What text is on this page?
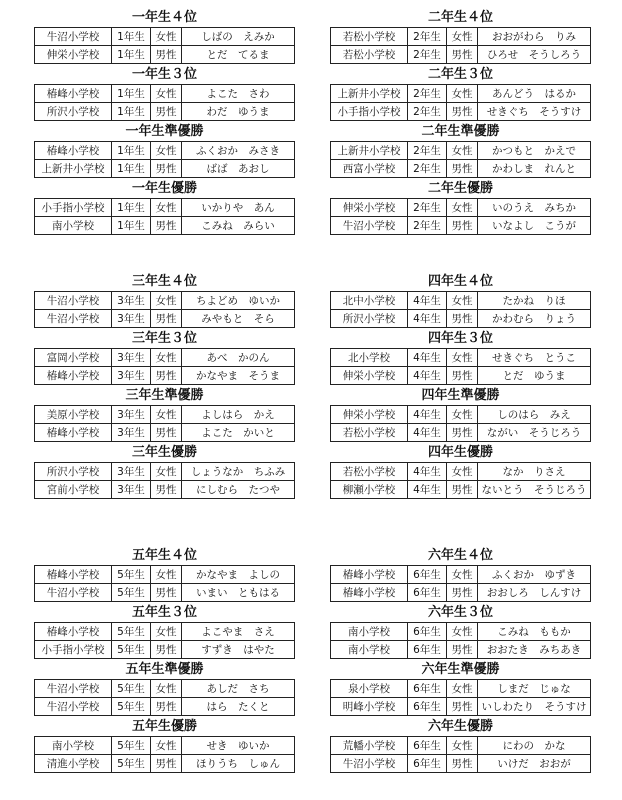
一年生４位
牛沼小学校	1年生	女性	しばの　えみか
伸栄小学校	1年生	男性	とだ　てるま
一年生３位
椿峰小学校	1年生	女性	よこた　さわ
所沢小学校	1年生	男性	わだ　ゆうま
一年生準優勝
椿峰小学校	1年生	女性	ふくおか　みさき
上新井小学校	1年生	男性	ばば　あおし
一年生優勝
小手指小学校	1年生	女性	いかりや　あん
南小学校	1年生	男性	こみね　みらい
三年生４位
牛沼小学校	3年生	女性	ちよどめ　ゆいか
牛沼小学校	3年生	男性	みやもと　そら
三年生３位
富岡小学校	3年生	女性	あべ　かのん
椿峰小学校	3年生	男性	かなやま　そうま
三年生準優勝
美原小学校	3年生	女性	よしはら　かえ
椿峰小学校	3年生	男性	よこた　かいと
三年生優勝
所沢小学校	3年生	女性	しょうなか　ちふみ
宮前小学校	3年生	男性	にしむら　たつや
五年生４位
椿峰小学校	5年生	女性	かなやま　よしの
牛沼小学校	5年生	男性	いまい　ともはる
五年生３位
椿峰小学校	5年生	女性	よこやま　さえ
小手指小学校	5年生	男性	すずき　はやた
五年生準優勝
牛沼小学校	5年生	女性	あしだ　さち
牛沼小学校	5年生	男性	はら　たくと
五年生優勝
南小学校	5年生	女性	せき　ゆいか
清進小学校	5年生	男性	ほりうち　しゅん
二年生４位
若松小学校	2年生	女性	おおがわら　りみ
若松小学校	2年生	男性	ひろせ　そうしろう
二年生３位
上新井小学校	2年生	女性	あんどう　はるか
小手指小学校	2年生	男性	せきぐち　そうすけ
二年生準優勝
上新井小学校	2年生	女性	かつもと　かえで
西富小学校	2年生	男性	かわしま　れんと
二年生優勝
伸栄小学校	2年生	女性	いのうえ　みちか
牛沼小学校	2年生	男性	いなよし　こうが
四年生４位
北中小学校	4年生	女性	たかね　りほ
所沢小学校	4年生	男性	かわむら　りょう
四年生３位
北小学校	4年生	女性	せきぐち　とうこ
伸栄小学校	4年生	男性	とだ　ゆうま
四年生準優勝
伸栄小学校	4年生	女性	しのはら　みえ
若松小学校	4年生	男性	ながい　そうじろう
四年生優勝
若松小学校	4年生	女性	なか　りさえ
柳瀬小学校	4年生	男性	ないとう　そうじろう
六年生４位
椿峰小学校	6年生	女性	ふくおか　ゆずき
椿峰小学校	6年生	男性	おおしろ　しんすけ
六年生３位
南小学校	6年生	女性	こみね　ももか
南小学校	6年生	男性	おおたき　みちあき
六年生準優勝
泉小学校	6年生	女性	しまだ　じゅな
明峰小学校	6年生	男性	いしわたり　そうすけ
六年生優勝
荒幡小学校	6年生	女性	にわの　かな
牛沼小学校	6年生	男性	いけだ　おおが
